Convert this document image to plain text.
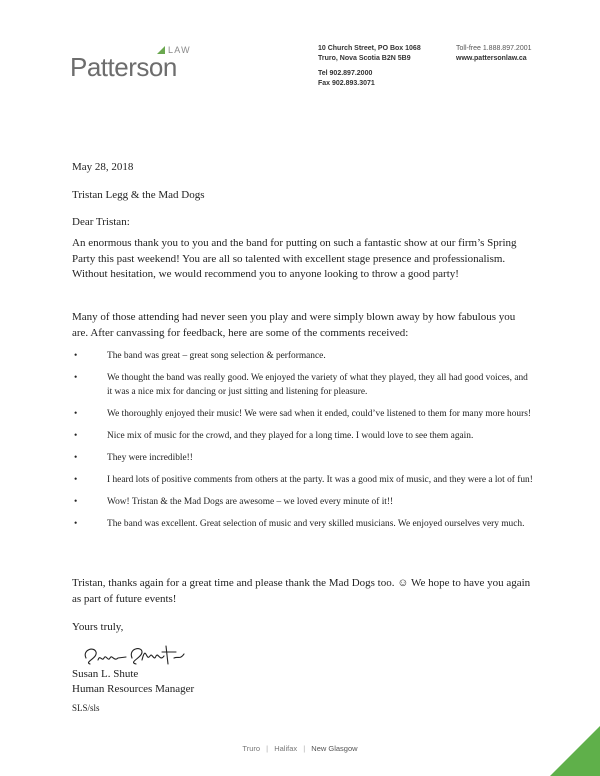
LAW
Patterson
10 Church Street, PO Box 1068
Truro, Nova Scotia B2N 5B9
Tel 902.897.2000
Fax 902.893.3071
Toll-free 1.888.897.2001
www.pattersonlaw.ca
May 28, 2018
Tristan Legg & the Mad Dogs
Dear Tristan:

An enormous thank you to you and the band for putting on such a fantastic show at our firm’s Spring Party this past weekend! You are all so talented with excellent stage presence and professionalism. Without hesitation, we would recommend you to anyone looking to throw a good party!

Many of those attending had never seen you play and were simply blown away by how fabulous you are. After canvassing for feedback, here are some of the comments received:

•	The band was great – great song selection & performance.
•	We thought the band was really good. We enjoyed the variety of what they played, they all had good voices, and it was a nice mix for dancing or just sitting and listening for pleasure.
•	We thoroughly enjoyed their music! We were sad when it ended, could’ve listened to them for many more hours!
•	Nice mix of music for the crowd, and they played for a long time. I would love to see them again.
•	They were incredible!!
•	I heard lots of positive comments from others at the party. It was a good mix of music, and they were a lot of fun!
•	Wow! Tristan & the Mad Dogs are awesome – we loved every minute of it!!
•	The band was excellent. Great selection of music and very skilled musicians. We enjoyed ourselves very much.

Tristan, thanks again for a great time and please thank the Mad Dogs too. ☺ We hope to have you again as part of future events!

Yours truly,
Susan L. Shute
Human Resources Manager
SLS/sls
Truro | Halifax | New Glasgow
